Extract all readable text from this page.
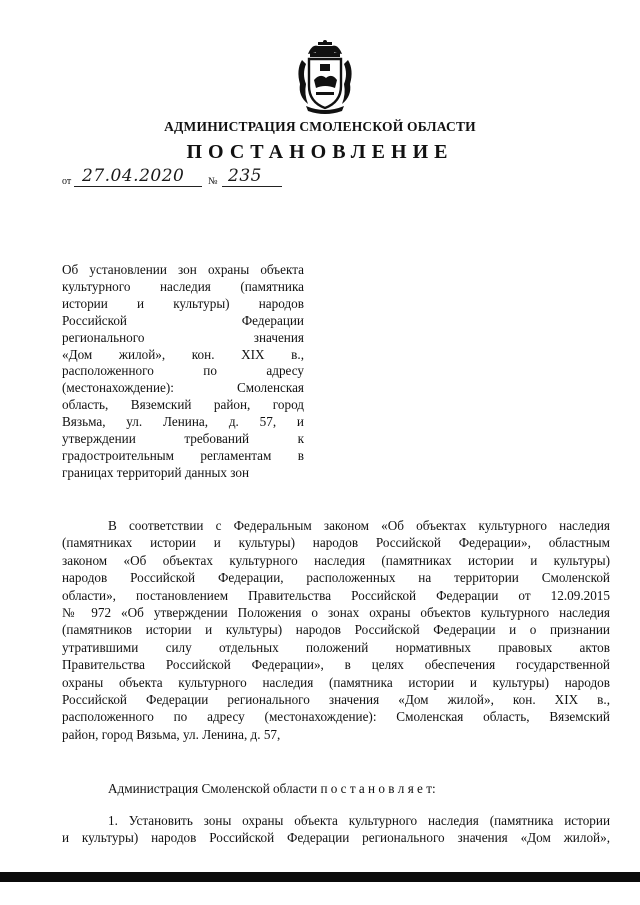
АДМИНИСТРАЦИЯ СМОЛЕНСКОЙ ОБЛАСТИ
ПОСТАНОВЛЕНИЕ
от 27.04.2020 № 235
Об установлении зон охраны объекта
культурного наследия (памятника
истории и культуры) народов
Российской Федерации
регионального значения
«Дом жилой», кон. XIX в.,
расположенного по адресу
(местонахождение): Смоленская
область, Вяземский район, город
Вязьма, ул. Ленина, д. 57, и
утверждении требований к
градостроительным регламентам в
границах территорий данных зон
В соответствии с Федеральным законом «Об объектах культурного наследия
(памятниках истории и культуры) народов Российской Федерации», областным
законом «Об объектах культурного наследия (памятниках истории и культуры)
народов Российской Федерации, расположенных на территории Смоленской
области», постановлением Правительства Российской Федерации от 12.09.2015
№ 972 «Об утверждении Положения о зонах охраны объектов культурного наследия
(памятников истории и культуры) народов Российской Федерации и о признании
утратившими силу отдельных положений нормативных правовых актов
Правительства Российской Федерации», в целях обеспечения государственной
охраны объекта культурного наследия (памятника истории и культуры) народов
Российской Федерации регионального значения «Дом жилой», кон. XIX в.,
расположенного по адресу (местонахождение): Смоленская область, Вяземский
район, город Вязьма, ул. Ленина, д. 57,

Администрация Смоленской области п о с т а н о в л я е т:

1. Установить зоны охраны объекта культурного наследия (памятника истории
и культуры) народов Российской Федерации регионального значения «Дом жилой»,
